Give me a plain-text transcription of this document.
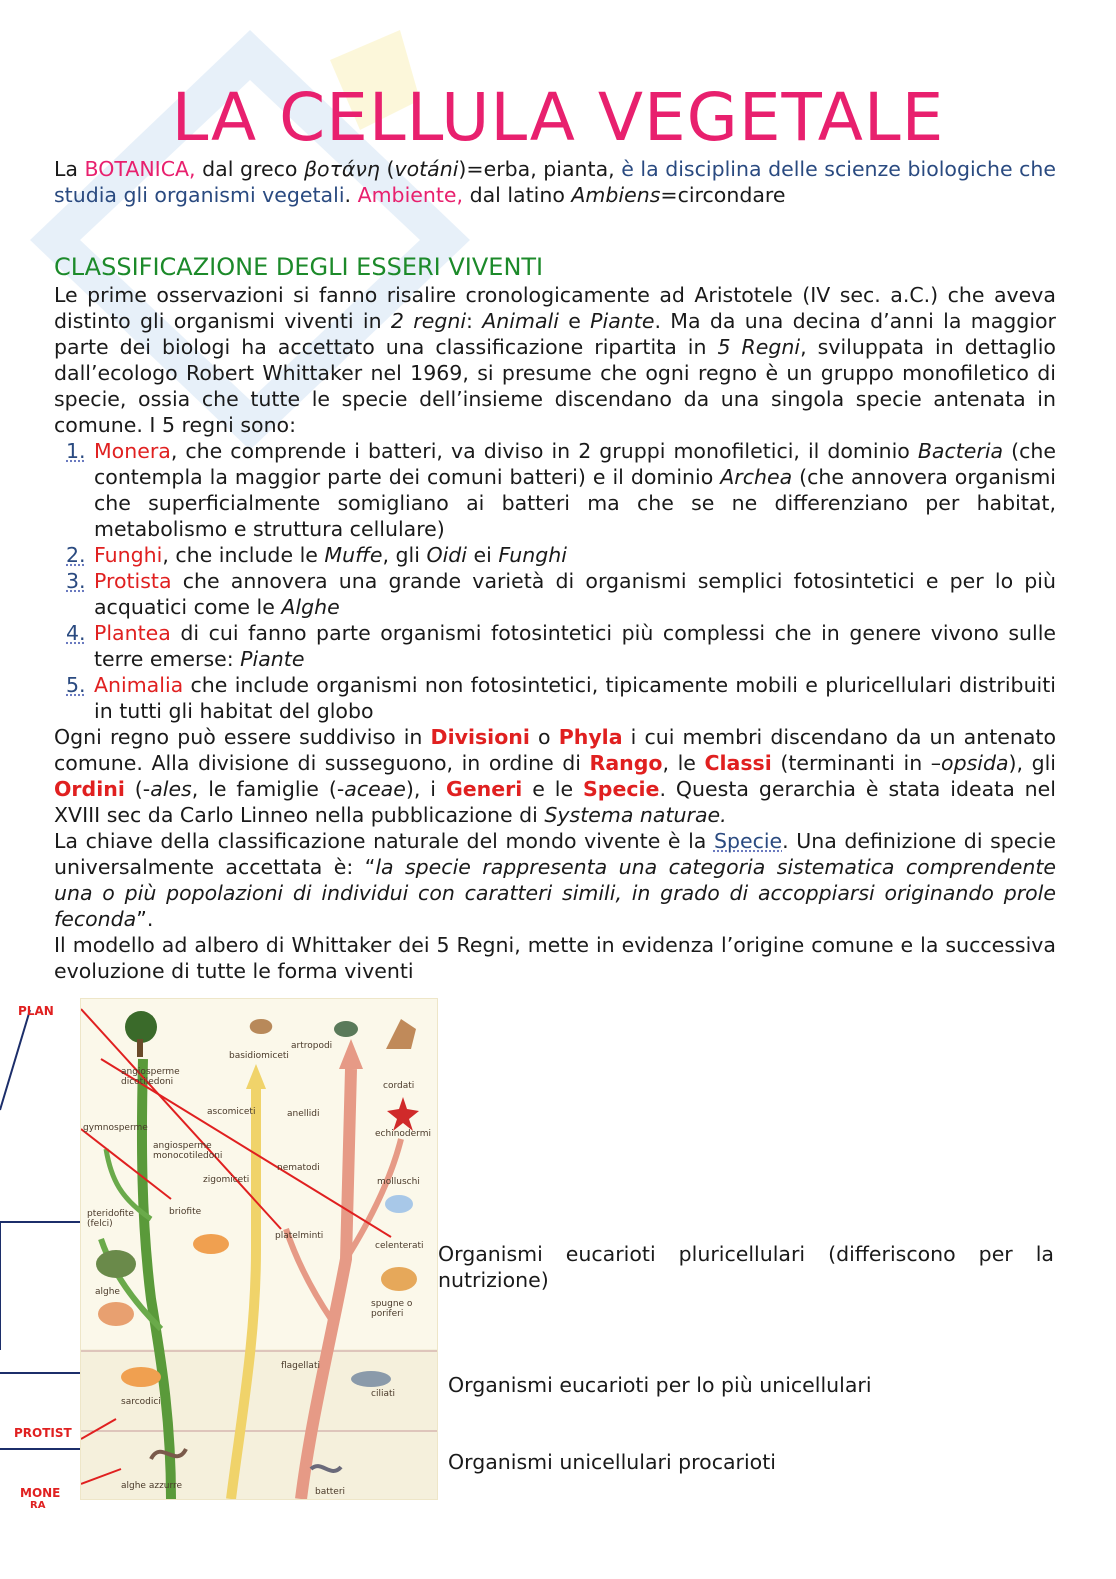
LA CELLULA VEGETALE

La BOTANICA, dal greco βοτάνη (votáni)=erba, pianta, è la disciplina delle scienze biologiche che studia gli organismi vegetali. Ambiente, dal latino Ambiens=circondare

CLASSIFICAZIONE DEGLI ESSERI VIVENTI

Le prime osservazioni si fanno risalire cronologicamente ad Aristotele (IV sec. a.C.) che aveva distinto gli organismi viventi in 2 regni: Animali e Piante. Ma da una decina d’anni la maggior parte dei biologi ha accettato una classificazione ripartita in 5 Regni, sviluppata in dettaglio dall’ecologo Robert Whittaker nel 1969, si presume che ogni regno è un gruppo monofiletico di specie, ossia che tutte le specie dell’insieme discendano da una singola specie antenata in comune. I 5 regni sono:

1. Monera, che comprende i batteri, va diviso in 2 gruppi monofiletici, il dominio Bacteria (che contempla la maggior parte dei comuni batteri) e il dominio Archea (che annovera organismi che superficialmente somigliano ai batteri ma che se ne differenziano per habitat, metabolismo e struttura cellulare)
2. Funghi, che include le Muffe, gli Oidi ei Funghi
3. Protista che annovera una grande varietà di organismi semplici fotosintetici e per lo più acquatici come le Alghe
4. Plantea di cui fanno parte organismi fotosintetici più complessi che in genere vivono sulle terre emerse: Piante
5. Animalia che include organismi non fotosintetici, tipicamente mobili e pluricellulari distribuiti in tutti gli habitat del globo

Ogni regno può essere suddiviso in Divisioni o Phyla i cui membri discendano da un antenato comune. Alla divisione di susseguono, in ordine di Rango, le Classi (terminanti in –opsida), gli Ordini (-ales, le famiglie (-aceae), i Generi e le Specie. Questa gerarchia è stata ideata nel XVIII sec da Carlo Linneo nella pubblicazione di Systema naturae.

La chiave della classificazione naturale del mondo vivente è la Specie. Una definizione di specie universalmente accettata è: “la specie rappresenta una categoria sistematica comprendente una o più popolazioni di individui con caratteri simili, in grado di accoppiarsi originando prole feconda”.

Il modello ad albero di Whittaker dei 5 Regni, mette in evidenza l’origine comune e la successiva evoluzione di tutte le forma viventi

PLAN
PROTIST
MONE
RA
basidiomiceti
artropodi
cordati
angiosperme dicotiledoni
gymnosperme
ascomiceti	anellidi
echinodermi
angiosperme monocotiledoni
nematodi
zigomiceti	molluschi
pteridofite (felci)
briofite
platelminti
celenterati
alghe
spugne o poriferi
flagellati
ciliati
sarcodici
alghe azzurre
batteri
Organismi eucarioti pluricellulari (differiscono per la nutrizione)
Organismi eucarioti per lo più unicellulari
Organismi unicellulari procarioti
